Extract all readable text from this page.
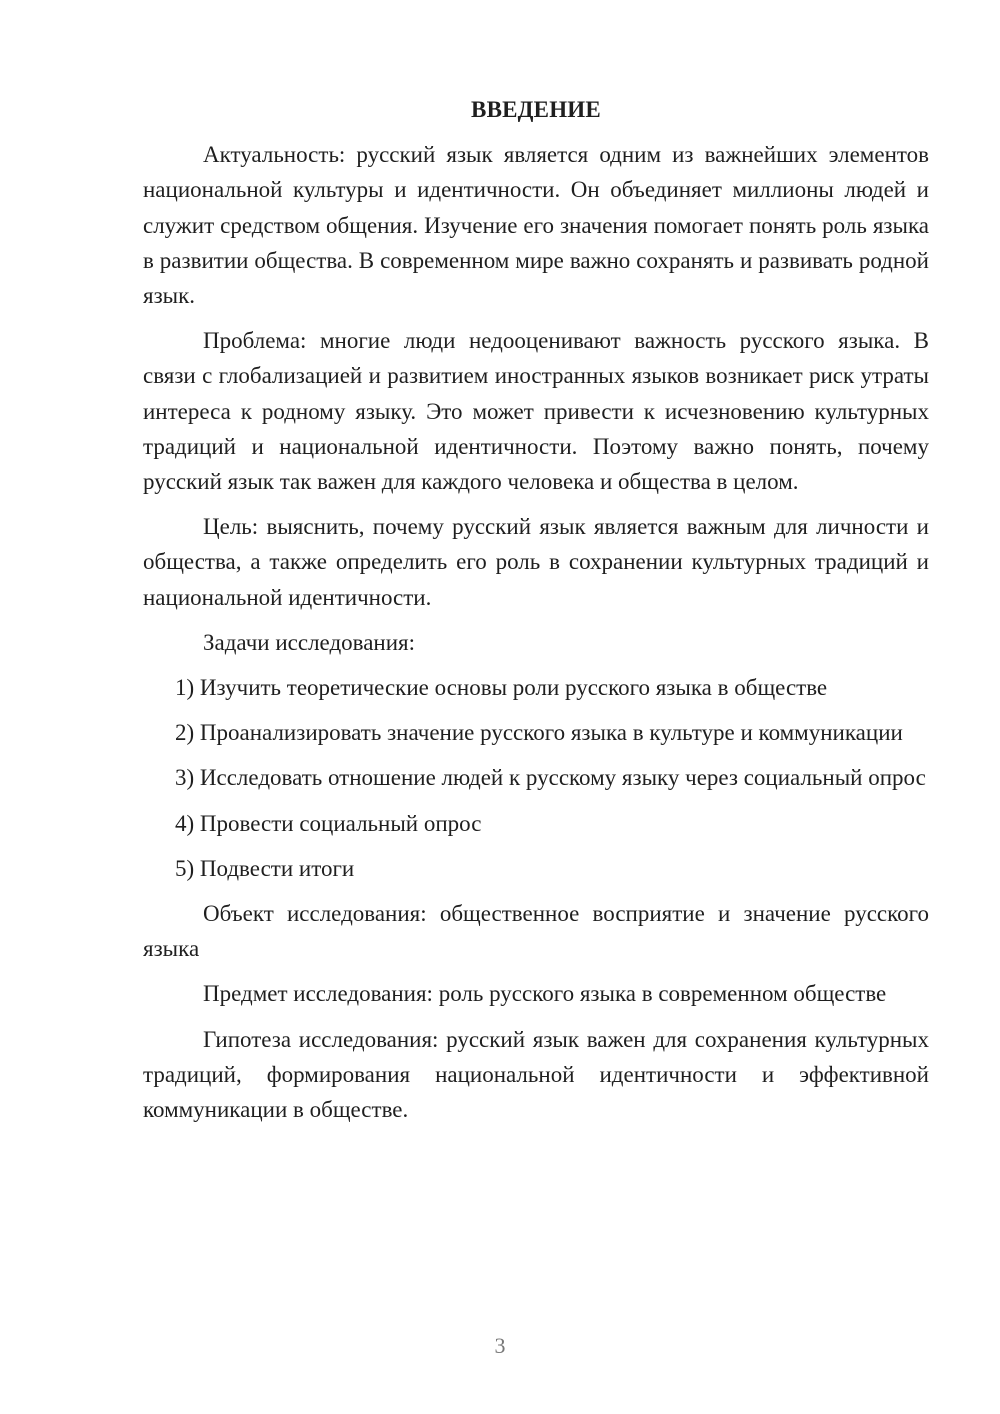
ВВЕДЕНИЕ

Актуальность: русский язык является одним из важнейших элементов национальной культуры и идентичности. Он объединяет миллионы людей и служит средством общения. Изучение его значения помогает понять роль языка в развитии общества. В современном мире важно сохранять и развивать родной язык.

Проблема: многие люди недооценивают важность русского языка. В связи с глобализацией и развитием иностранных языков возникает риск утраты интереса к родному языку. Это может привести к исчезновению культурных традиций и национальной идентичности. Поэтому важно понять, почему русский язык так важен для каждого человека и общества в целом.

Цель: выяснить, почему русский язык является важным для личности и общества, а также определить его роль в сохранении культурных традиций и национальной идентичности.

Задачи исследования:

1) Изучить теоретические основы роли русского языка в обществе

2) Проанализировать значение русского языка в культуре и коммуникации

3) Исследовать отношение людей к русскому языку через социальный опрос

4) Провести социальный опрос

5) Подвести итоги

Объект исследования: общественное восприятие и значение русского языка

Предмет исследования: роль русского языка в современном обществе

Гипотеза исследования: русский язык важен для сохранения культурных традиций, формирования национальной идентичности и эффективной коммуникации в обществе.

3
